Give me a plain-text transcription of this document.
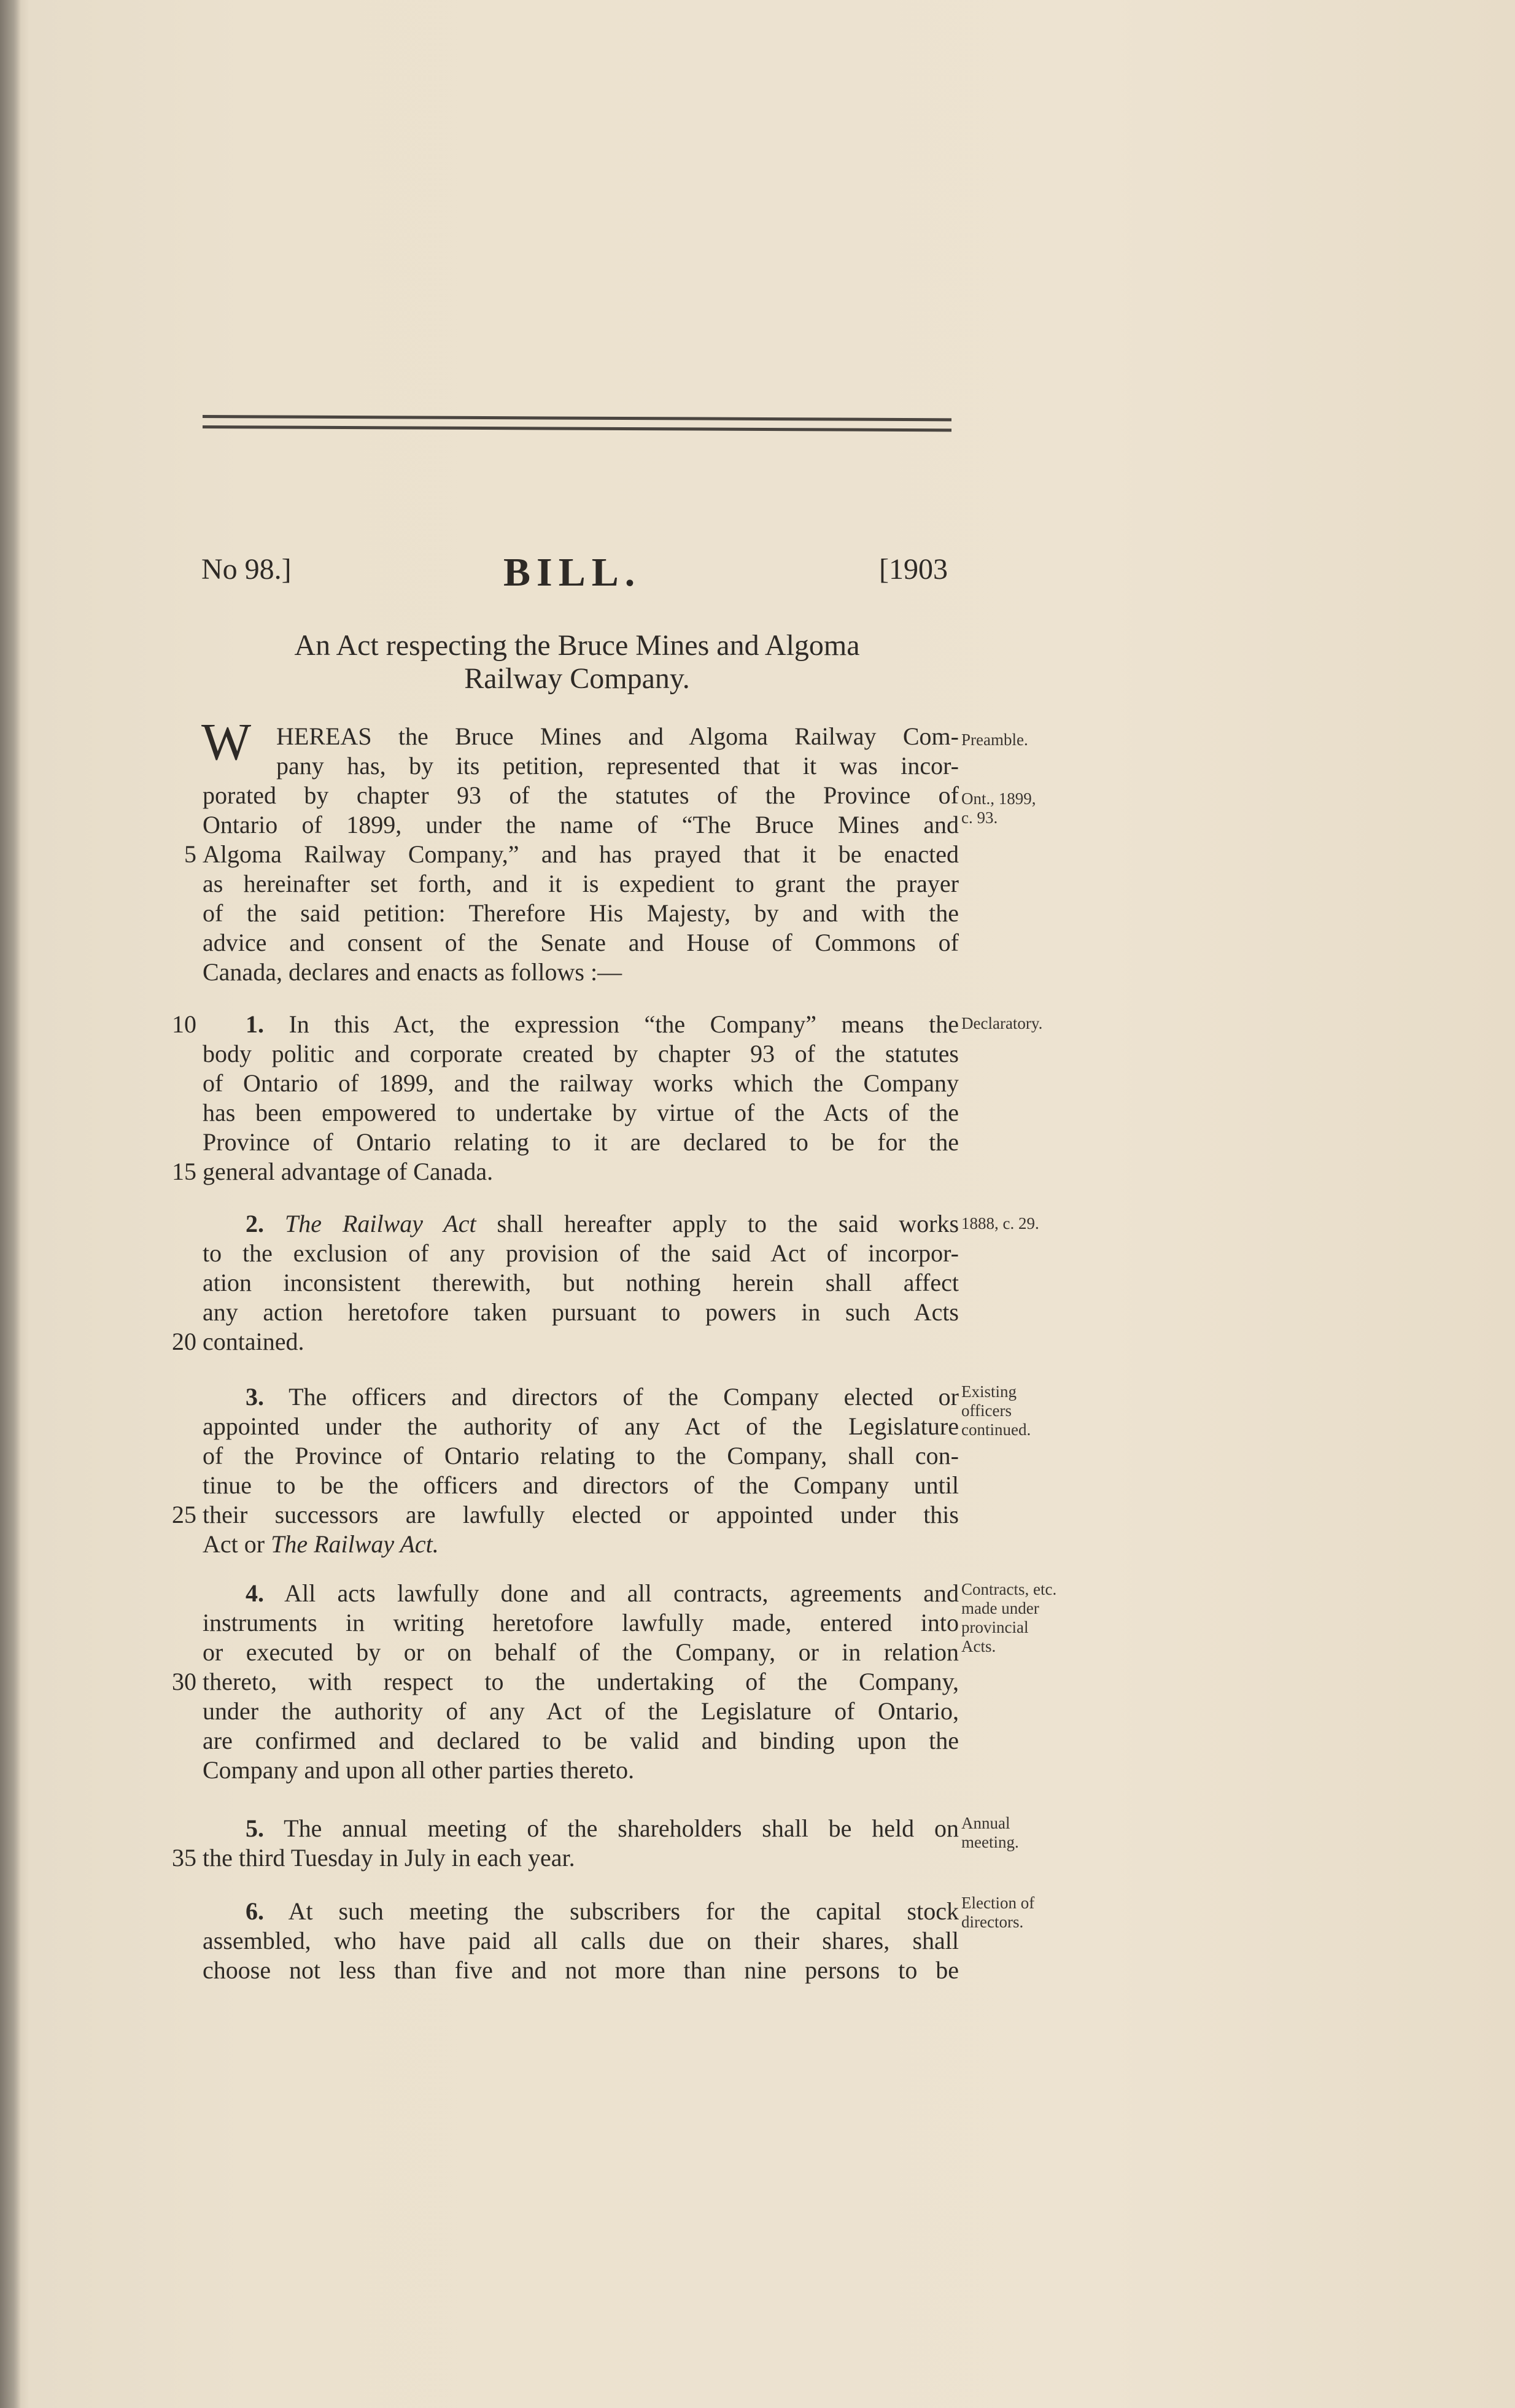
No 98.]	BILL.	[1903
An Act respecting the Bruce Mines and Algoma
Railway Company.
W HEREAS the Bruce Mines and Algoma Railway Com-
pany has, by its petition, represented that it was incor-
porated by chapter 93 of the statutes of the Province of
Ontario of 1899, under the name of “The Bruce Mines and
Algoma Railway Company,” and has prayed that it be enacted
as hereinafter set forth, and it is expedient to grant the prayer
of the said petition: Therefore His Majesty, by and with the
advice and consent of the Senate and House of Commons of
Canada, declares and enacts as follows :—
1. In this Act, the expression “the Company” means the
body politic and corporate created by chapter 93 of the statutes
of Ontario of 1899, and the railway works which the Company
has been empowered to undertake by virtue of the Acts of the
Province of Ontario relating to it are declared to be for the
general advantage of Canada.
2. The Railway Act shall hereafter apply to the said works
to the exclusion of any provision of the said Act of incorpor-
ation inconsistent therewith, but nothing herein shall affect
any action heretofore taken pursuant to powers in such Acts
contained.
3. The officers and directors of the Company elected or
appointed under the authority of any Act of the Legislature
of the Province of Ontario relating to the Company, shall con-
tinue to be the officers and directors of the Company until
their successors are lawfully elected or appointed under this
Act or The Railway Act.
4. All acts lawfully done and all contracts, agreements and
instruments in writing heretofore lawfully made, entered into
or executed by or on behalf of the Company, or in relation
thereto, with respect to the undertaking of the Company,
under the authority of any Act of the Legislature of Ontario,
are confirmed and declared to be valid and binding upon the
Company and upon all other parties thereto.
5. The annual meeting of the shareholders shall be held on
the third Tuesday in July in each year.
6. At such meeting the subscribers for the capital stock
assembled, who have paid all calls due on their shares, shall
choose not less than five and not more than nine persons to be
5
10
15
20
25
30
35
Preamble.
Ont., 1899,
c. 93.
Declaratory.
1888, c. 29.
Existing
officers
continued.
Contracts, etc.
made under
provincial
Acts.
Annual
meeting.
Election of
directors.
